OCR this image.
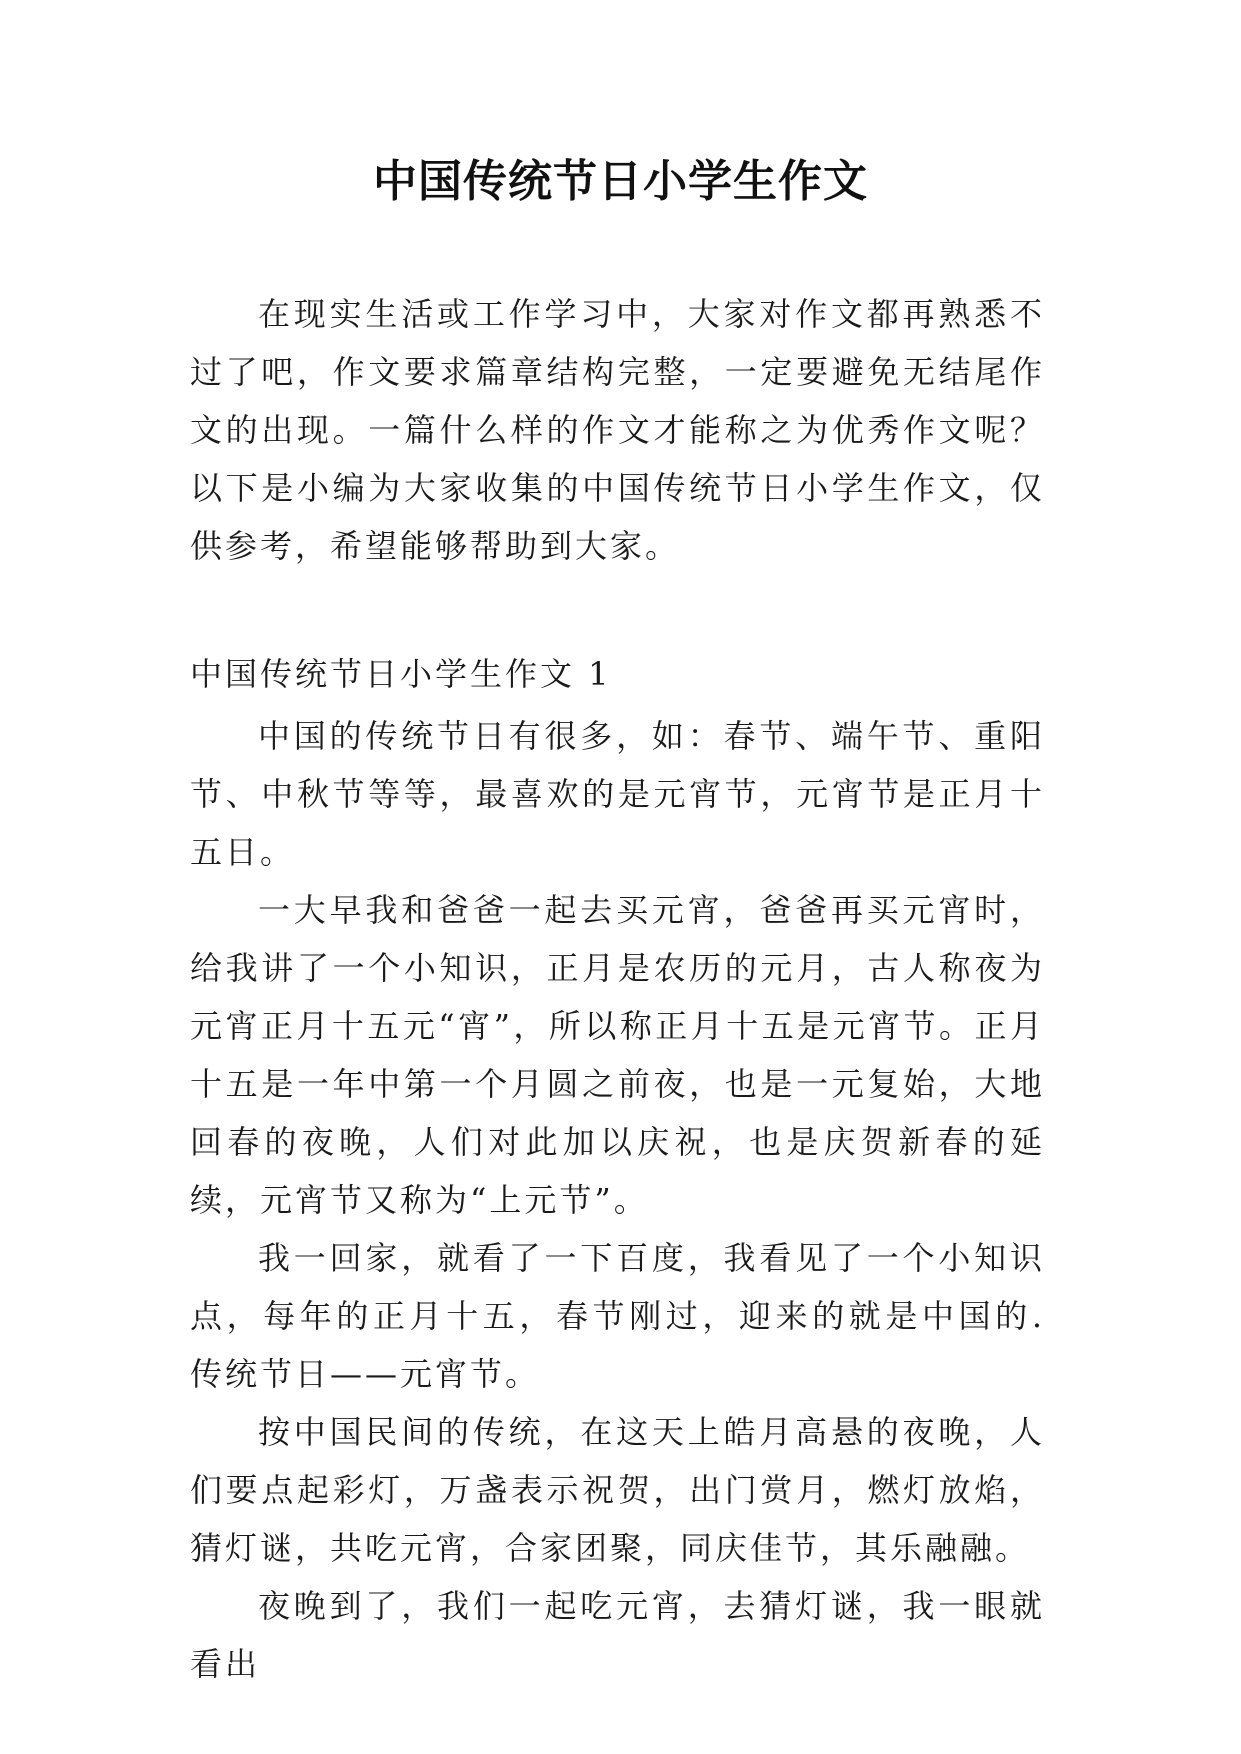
中国传统节日小学生作文

在现实生活或工作学习中，大家对作文都再熟悉不过了吧，作文要求篇章结构完整，一定要避免无结尾作文的出现。一篇什么样的作文才能称之为优秀作文呢？以下是小编为大家收集的中国传统节日小学生作文，仅供参考，希望能够帮助到大家。

中国传统节日小学生作文 1

中国的传统节日有很多，如：春节、端午节、重阳节、中秋节等等，最喜欢的是元宵节，元宵节是正月十五日。

一大早我和爸爸一起去买元宵，爸爸再买元宵时，给我讲了一个小知识，正月是农历的元月，古人称夜为元宵正月十五元“宵”，所以称正月十五是元宵节。正月十五是一年中第一个月圆之前夜，也是一元复始，大地回春的夜晚，人们对此加以庆祝，也是庆贺新春的延续，元宵节又称为“上元节”。

我一回家，就看了一下百度，我看见了一个小知识点，每年的正月十五，春节刚过，迎来的就是中国的. 传统节日——元宵节。

按中国民间的传统，在这天上皓月高悬的夜晚，人们要点起彩灯，万盏表示祝贺，出门赏月，燃灯放焰，猜灯谜，共吃元宵，合家团聚，同庆佳节，其乐融融。

夜晚到了，我们一起吃元宵，去猜灯谜，我一眼就看出
